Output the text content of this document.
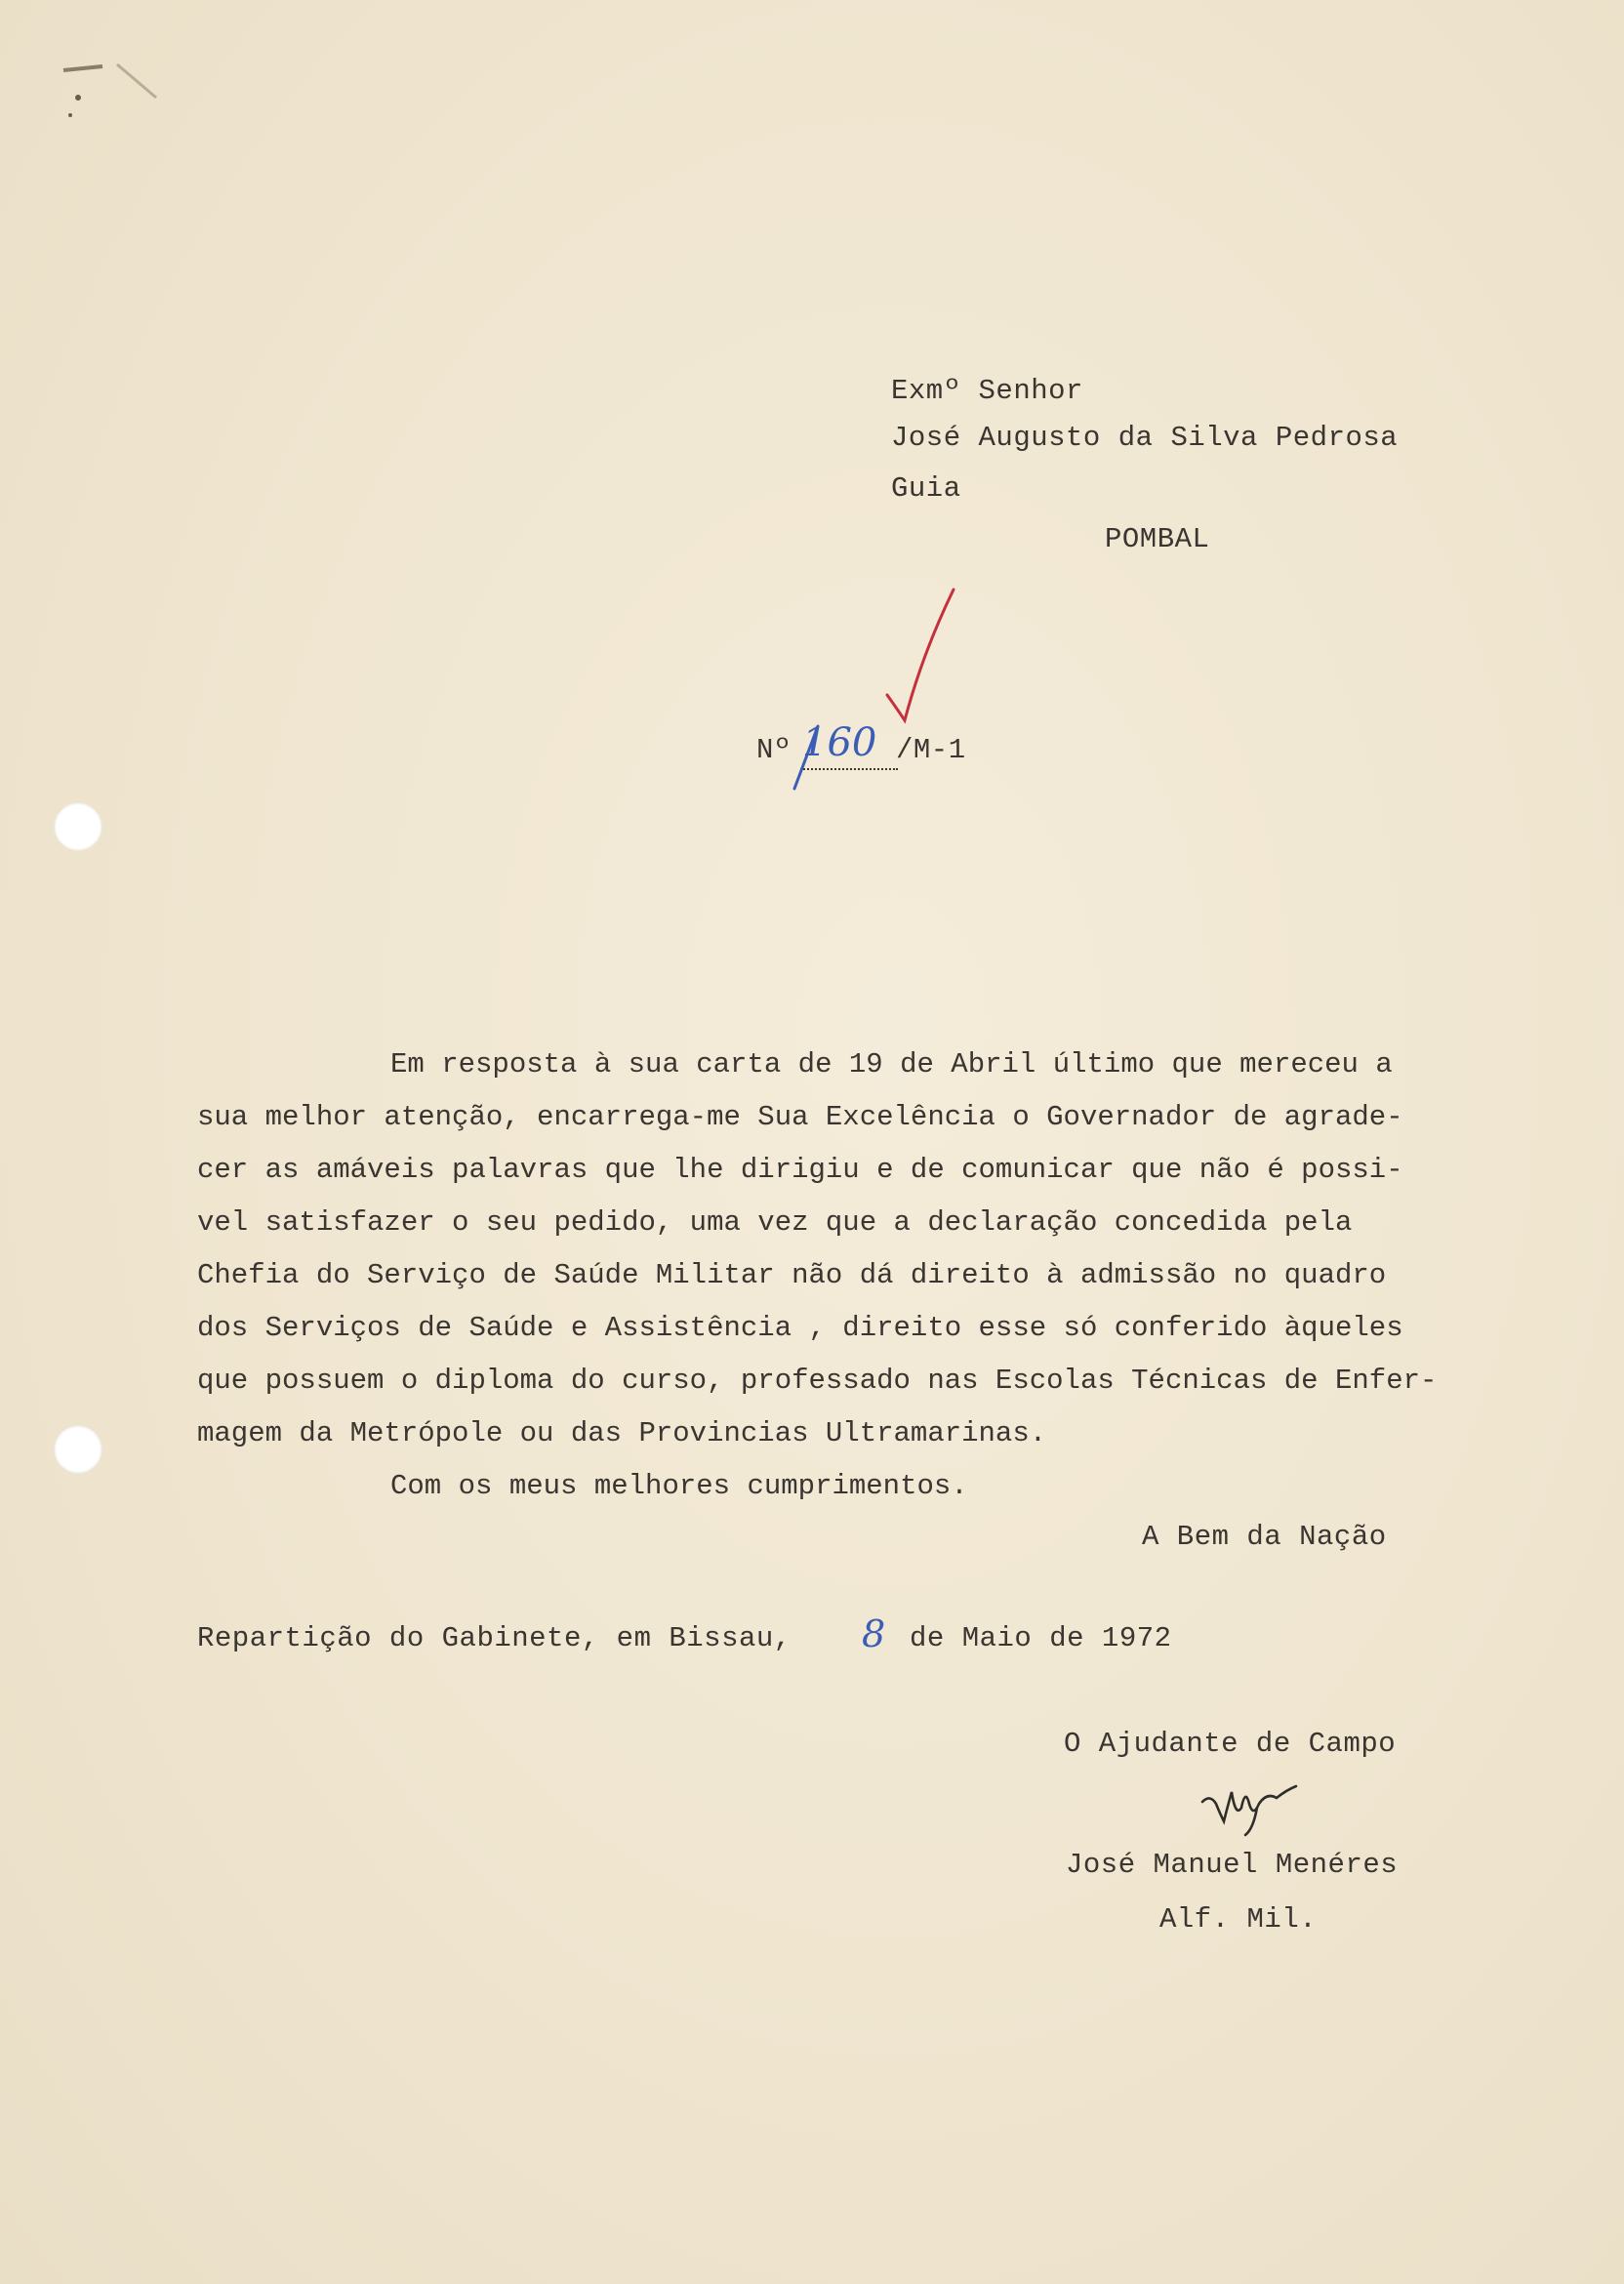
Exmº Senhor
José Augusto da Silva Pedrosa
Guia
POMBAL
Nº 160 /M-1
Em resposta à sua carta de 19 de Abril último que mereceu a
sua melhor atenção, encarrega-me Sua Excelência o Governador de agrade-
cer as amáveis palavras que lhe dirigiu e de comunicar que não é possi-
vel satisfazer o seu pedido, uma vez que a declaração concedida pela
Chefia do Serviço de Saúde Militar não dá direito à admissão no quadro
dos Serviços de Saúde e Assistência , direito esse só conferido àqueles
que possuem o diploma do curso, professado nas Escolas Técnicas de Enfer-
magem da Metrópole ou das Provincias Ultramarinas.
Com os meus melhores cumprimentos.
A Bem da Nação
Repartição do Gabinete, em Bissau, 8 de Maio de 1972
O Ajudante de Campo
José Manuel Menéres
Alf. Mil.
